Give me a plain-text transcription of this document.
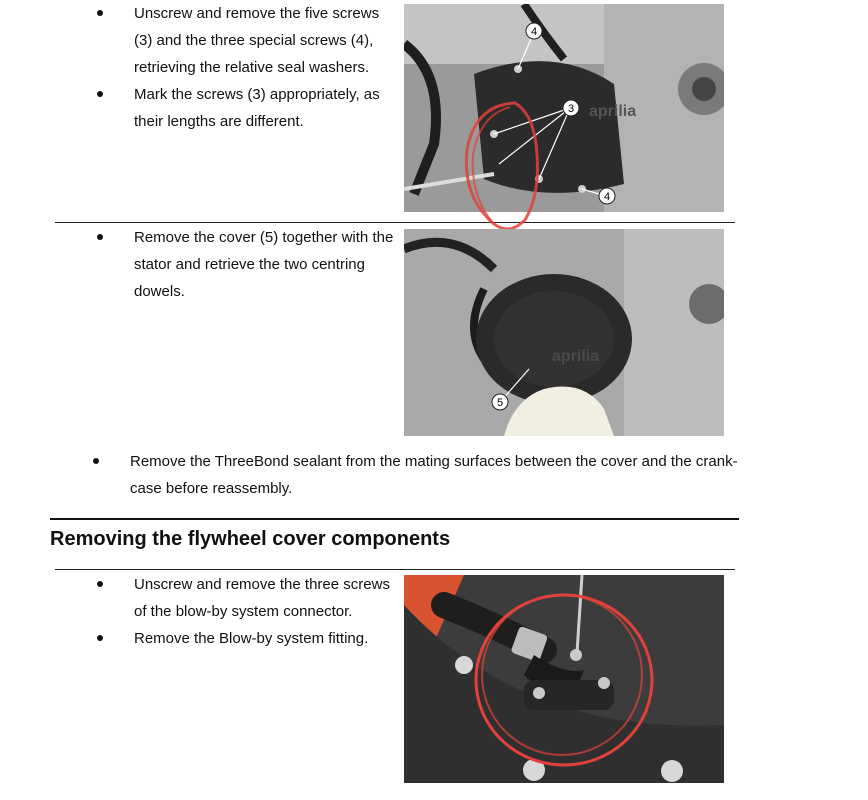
Unscrew and remove the five screws (3) and the three special screws (4), retrieving the relative seal washers.
Mark the screws (3) appropriately, as their lengths are different.
aprilia
4
3
4
Remove the cover (5) together with the stator and retrieve the two centring dowels.
aprilia
5
Remove the ThreeBond sealant from the mating surfaces between the cover and the crank-case before reassembly.
Removing the flywheel cover components
Unscrew and remove the three screws of the blow-by system connector.
Remove the Blow-by system fitting.
